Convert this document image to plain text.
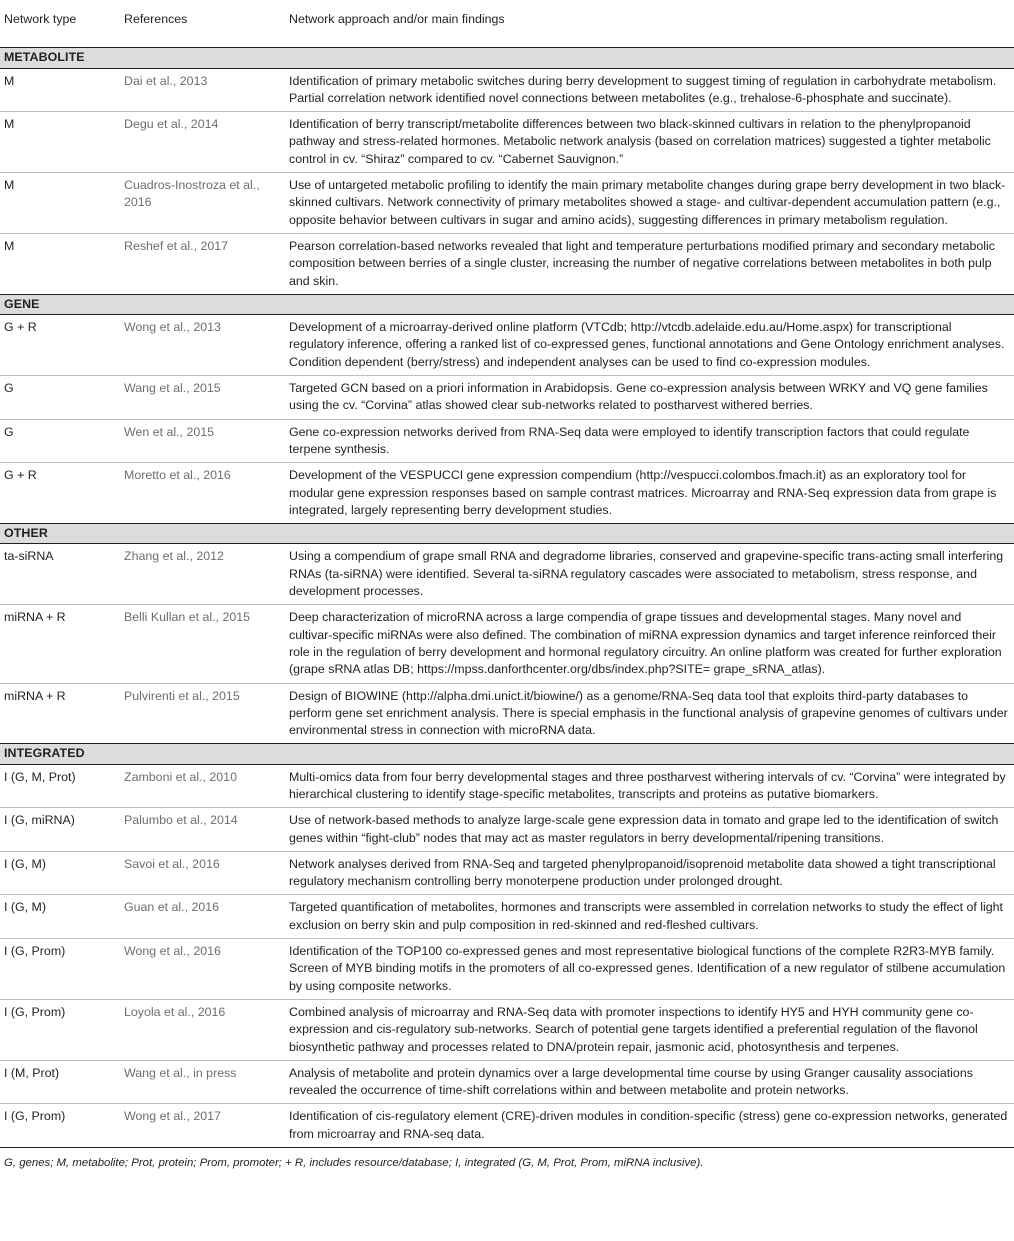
Network type	References	Network approach and/or main findings
METABOLITE		
M	Dai et al., 2013	Identification of primary metabolic switches during berry development to suggest timing of regulation in carbohydrate metabolism. Partial correlation network identified novel connections between metabolites (e.g., trehalose-6-phosphate and succinate).
M	Degu et al., 2014	Identification of berry transcript/metabolite differences between two black-skinned cultivars in relation to the phenylpropanoid pathway and stress-related hormones. Metabolic network analysis (based on correlation matrices) suggested a tighter metabolic control in cv. “Shiraz” compared to cv. “Cabernet Sauvignon.”
M	Cuadros-Inostroza et al., 2016	Use of untargeted metabolic profiling to identify the main primary metabolite changes during grape berry development in two black-skinned cultivars. Network connectivity of primary metabolites showed a stage- and cultivar-dependent accumulation pattern (e.g., opposite behavior between cultivars in sugar and amino acids), suggesting differences in primary metabolism regulation.
M	Reshef et al., 2017	Pearson correlation-based networks revealed that light and temperature perturbations modified primary and secondary metabolic composition between berries of a single cluster, increasing the number of negative correlations between metabolites in both pulp and skin.
GENE		
G + R	Wong et al., 2013	Development of a microarray-derived online platform (VTCdb; http://vtcdb.adelaide.edu.au/Home.aspx) for transcriptional regulatory inference, offering a ranked list of co-expressed genes, functional annotations and Gene Ontology enrichment analyses. Condition dependent (berry/stress) and independent analyses can be used to find co-expression modules.
G	Wang et al., 2015	Targeted GCN based on a priori information in Arabidopsis. Gene co-expression analysis between WRKY and VQ gene families using the cv. “Corvina” atlas showed clear sub-networks related to postharvest withered berries.
G	Wen et al., 2015	Gene co-expression networks derived from RNA-Seq data were employed to identify transcription factors that could regulate terpene synthesis.
G + R	Moretto et al., 2016	Development of the VESPUCCI gene expression compendium (http://vespucci.colombos.fmach.it) as an exploratory tool for modular gene expression responses based on sample contrast matrices. Microarray and RNA-Seq expression data from grape is integrated, largely representing berry development studies.
OTHER		
ta-siRNA	Zhang et al., 2012	Using a compendium of grape small RNA and degradome libraries, conserved and grapevine-specific trans-acting small interfering RNAs (ta-siRNA) were identified. Several ta-siRNA regulatory cascades were associated to metabolism, stress response, and development processes.
miRNA + R	Belli Kullan et al., 2015	Deep characterization of microRNA across a large compendia of grape tissues and developmental stages. Many novel and cultivar-specific miRNAs were also defined. The combination of miRNA expression dynamics and target inference reinforced their role in the regulation of berry development and hormonal regulatory circuitry. An online platform was created for further exploration (grape sRNA atlas DB; https://mpss.danforthcenter.org/dbs/index.php?SITE= grape_sRNA_atlas).
miRNA + R	Pulvirenti et al., 2015	Design of BIOWINE (http://alpha.dmi.unict.it/biowine/) as a genome/RNA-Seq data tool that exploits third-party databases to perform gene set enrichment analysis. There is special emphasis in the functional analysis of grapevine genomes of cultivars under environmental stress in connection with microRNA data.
INTEGRATED		
I (G, M, Prot)	Zamboni et al., 2010	Multi-omics data from four berry developmental stages and three postharvest withering intervals of cv. “Corvina” were integrated by hierarchical clustering to identify stage-specific metabolites, transcripts and proteins as putative biomarkers.
I (G, miRNA)	Palumbo et al., 2014	Use of network-based methods to analyze large-scale gene expression data in tomato and grape led to the identification of switch genes within “fight-club” nodes that may act as master regulators in berry developmental/ripening transitions.
I (G, M)	Savoi et al., 2016	Network analyses derived from RNA-Seq and targeted phenylpropanoid/isoprenoid metabolite data showed a tight transcriptional regulatory mechanism controlling berry monoterpene production under prolonged drought.
I (G, M)	Guan et al., 2016	Targeted quantification of metabolites, hormones and transcripts were assembled in correlation networks to study the effect of light exclusion on berry skin and pulp composition in red-skinned and red-fleshed cultivars.
I (G, Prom)	Wong et al., 2016	Identification of the TOP100 co-expressed genes and most representative biological functions of the complete R2R3-MYB family. Screen of MYB binding motifs in the promoters of all co-expressed genes. Identification of a new regulator of stilbene accumulation by using composite networks.
I (G, Prom)	Loyola et al., 2016	Combined analysis of microarray and RNA-Seq data with promoter inspections to identify HY5 and HYH community gene co-expression and cis-regulatory sub-networks. Search of potential gene targets identified a preferential regulation of the flavonol biosynthetic pathway and processes related to DNA/protein repair, jasmonic acid, photosynthesis and terpenes.
I (M, Prot)	Wang et al., in press	Analysis of metabolite and protein dynamics over a large developmental time course by using Granger causality associations revealed the occurrence of time-shift correlations within and between metabolite and protein networks.
I (G, Prom)	Wong et al., 2017	Identification of cis-regulatory element (CRE)-driven modules in condition-specific (stress) gene co-expression networks, generated from microarray and RNA-seq data.
G, genes; M, metabolite; Prot, protein; Prom, promoter; + R, includes resource/database; I, integrated (G, M, Prot, Prom, miRNA inclusive).
